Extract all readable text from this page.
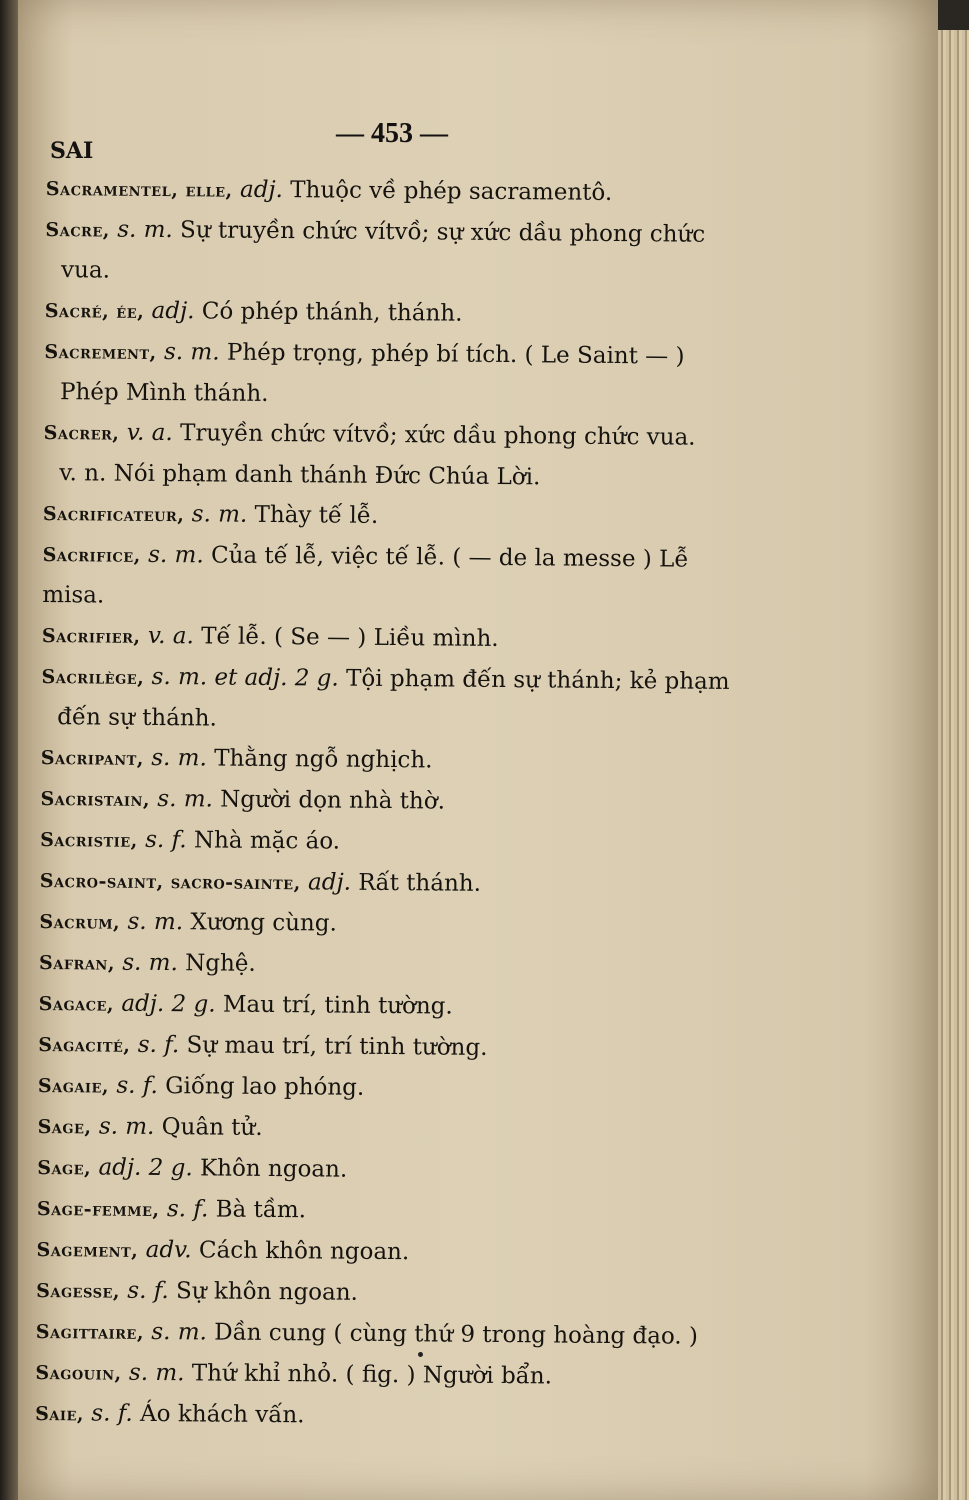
SAI
— 453 —
Sacramentel, elle, adj. Thuộc về phép sacramentô.
Sacre, s. m. Sự truyền chức vítvồ; sự xức dầu phong chức
vua.
Sacré, ée, adj. Có phép thánh, thánh.
Sacrement, s. m. Phép trọng, phép bí tích. ( Le Saint — )
Phép Mình thánh.
Sacrer, v. a. Truyền chức vítvồ; xức dầu phong chức vua.
v. n. Nói phạm danh thánh Đức Chúa Lời.
Sacrificateur, s. m. Thày tế lễ.
Sacrifice, s. m. Của tế lễ, việc tế lễ. ( — de la messe ) Lễ misa.
Sacrifier, v. a. Tế lễ. ( Se — ) Liều mình.
Sacrilège, s. m. et adj. 2 g. Tội phạm đến sự thánh; kẻ phạm
đến sự thánh.
Sacripant, s. m. Thằng ngỗ nghịch.
Sacristain, s. m. Người dọn nhà thờ.
Sacristie, s. f. Nhà mặc áo.
Sacro-saint, sacro-sainte, adj. Rất thánh.
Sacrum, s. m. Xương cùng.
Safran, s. m. Nghệ.
Sagace, adj. 2 g. Mau trí, tinh tường.
Sagacité, s. f. Sự mau trí, trí tinh tường.
Sagaie, s. f. Giống lao phóng.
Sage, s. m. Quân tử.
Sage, adj. 2 g. Khôn ngoan.
Sage-femme, s. f. Bà tầm.
Sagement, adv. Cách khôn ngoan.
Sagesse, s. f. Sự khôn ngoan.
Sagittaire, s. m. Dần cung ( cùng thứ 9 trong hoàng đạo. )
Sagouin, s. m. Thứ khỉ nhỏ. ( fig. ) Người bẩn.
Saie, s. f. Áo khách vấn.
